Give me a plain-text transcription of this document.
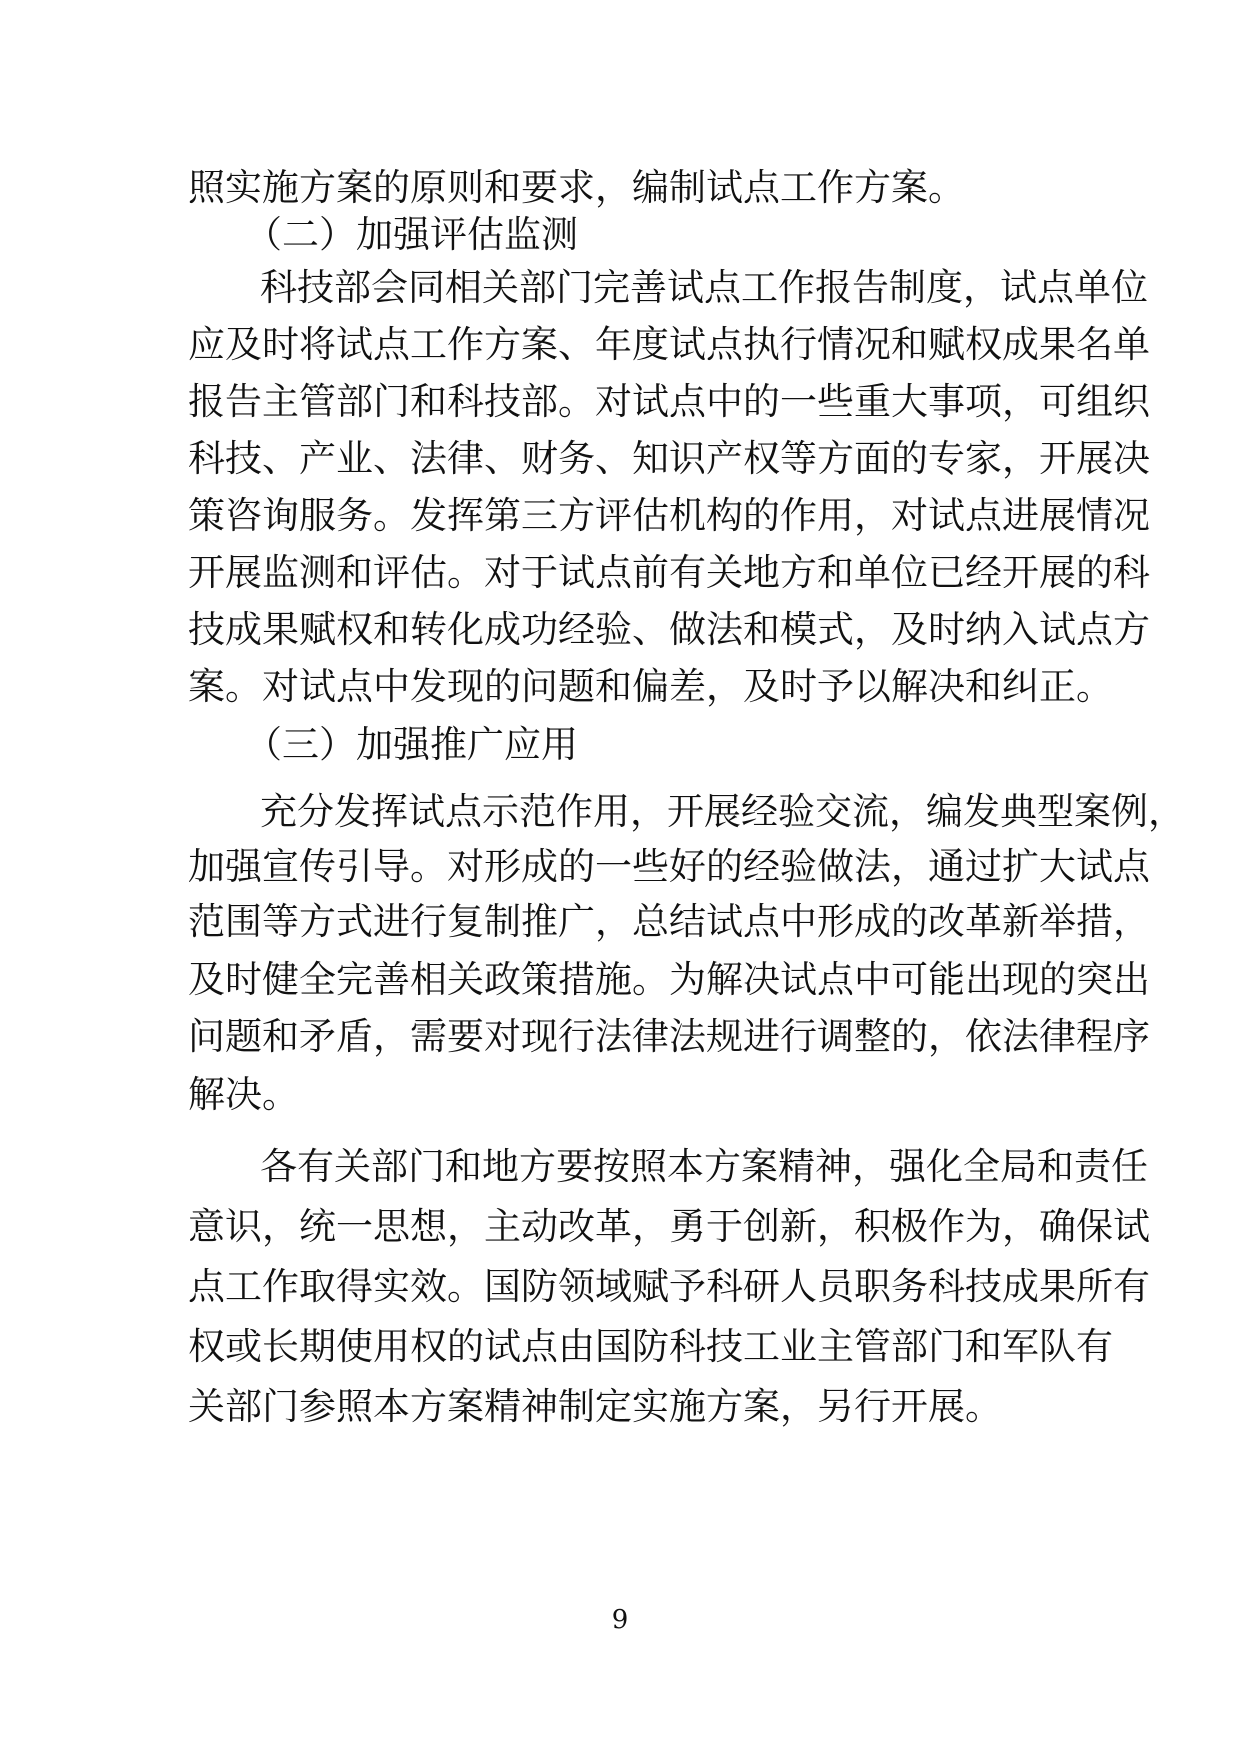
照实施方案的原则和要求，编制试点工作方案。
（二）加强评估监测
科技部会同相关部门完善试点工作报告制度，试点单位
应及时将试点工作方案、年度试点执行情况和赋权成果名单
报告主管部门和科技部。对试点中的一些重大事项，可组织
科技、产业、法律、财务、知识产权等方面的专家，开展决
策咨询服务。发挥第三方评估机构的作用，对试点进展情况
开展监测和评估。对于试点前有关地方和单位已经开展的科
技成果赋权和转化成功经验、做法和模式，及时纳入试点方
案。对试点中发现的问题和偏差，及时予以解决和纠正。
（三）加强推广应用
充分发挥试点示范作用，开展经验交流，编发典型案例，
加强宣传引导。对形成的一些好的经验做法，通过扩大试点
范围等方式进行复制推广，总结试点中形成的改革新举措，
及时健全完善相关政策措施。为解决试点中可能出现的突出
问题和矛盾，需要对现行法律法规进行调整的，依法律程序
解决。
各有关部门和地方要按照本方案精神，强化全局和责任
意识，统一思想，主动改革，勇于创新，积极作为，确保试
点工作取得实效。国防领域赋予科研人员职务科技成果所有
权或长期使用权的试点由国防科技工业主管部门和军队有
关部门参照本方案精神制定实施方案，另行开展。
9
